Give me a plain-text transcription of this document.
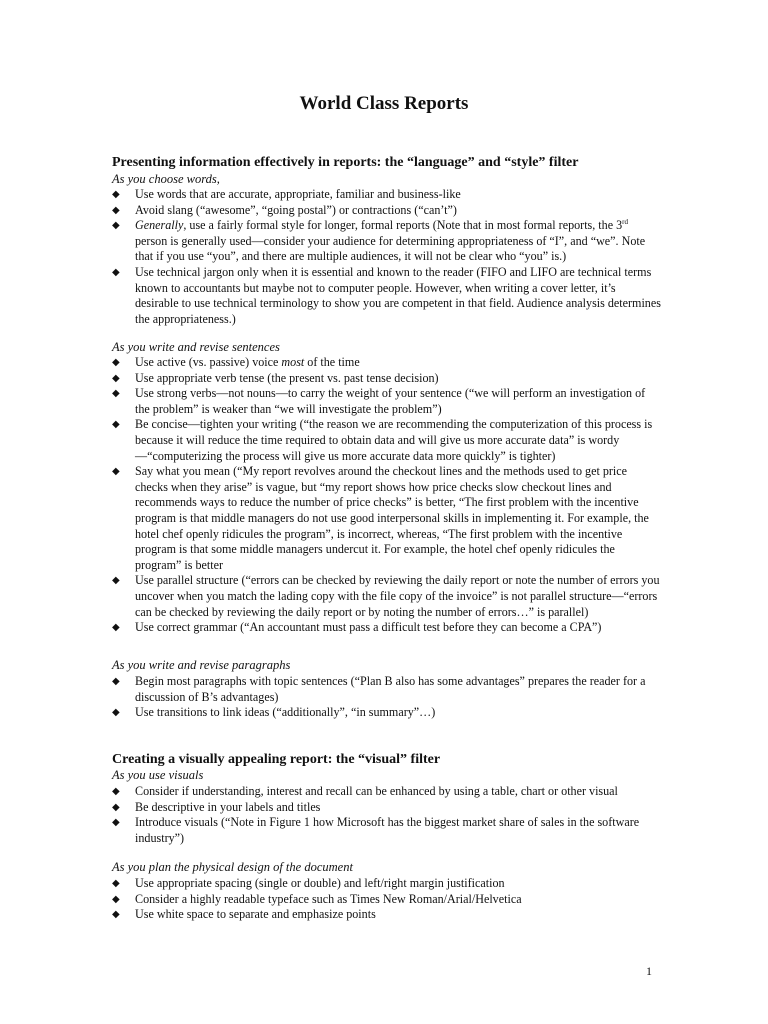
World Class Reports
Presenting information effectively in reports: the “language” and “style” filter

As you choose words,

◆ Use words that are accurate, appropriate, familiar and business-like
◆ Avoid slang (“awesome”, “going postal”) or contractions (“can’t”)
◆ Generally, use a fairly formal style for longer, formal reports (Note that in most formal reports, the 3rd person is generally used—consider your audience for determining appropriateness of “I”, and “we”. Note that if you use “you”, and there are multiple audiences, it will not be clear who “you” is.)
◆ Use technical jargon only when it is essential and known to the reader (FIFO and LIFO are technical terms known to accountants but maybe not to computer people. However, when writing a cover letter, it’s desirable to use technical terminology to show you are competent in that field. Audience analysis determines the appropriateness.)

As you write and revise sentences

◆ Use active (vs. passive) voice most of the time
◆ Use appropriate verb tense (the present vs. past tense decision)
◆ Use strong verbs—not nouns—to carry the weight of your sentence (“we will perform an investigation of the problem” is weaker than “we will investigate the problem”)
◆ Be concise—tighten your writing (“the reason we are recommending the computerization of this process is because it will reduce the time required to obtain data and will give us more accurate data” is wordy—“computerizing the process will give us more accurate data more quickly” is tighter)
◆ Say what you mean (“My report revolves around the checkout lines and the methods used to get price checks when they arise” is vague, but “my report shows how price checks slow checkout lines and recommends ways to reduce the number of price checks” is better, “The first problem with the incentive program is that middle managers do not use good interpersonal skills in implementing it. For example, the hotel chef openly ridicules the program”, is incorrect, whereas, “The first problem with the incentive program is that some middle managers undercut it. For example, the hotel chef openly ridicules the program” is better
◆ Use parallel structure (“errors can be checked by reviewing the daily report or note the number of errors you uncover when you match the lading copy with the file copy of the invoice” is not parallel structure—“errors can be checked by reviewing the daily report or by noting the number of errors…” is parallel)
◆ Use correct grammar (“An accountant must pass a difficult test before they can become a CPA”)

As you write and revise paragraphs

◆ Begin most paragraphs with topic sentences (“Plan B also has some advantages” prepares the reader for a discussion of B’s advantages)
◆ Use transitions to link ideas (“additionally”, “in summary”…)
Creating a visually appealing report: the “visual” filter

As you use visuals

◆ Consider if understanding, interest and recall can be enhanced by using a table, chart or other visual
◆ Be descriptive in your labels and titles
◆ Introduce visuals (“Note in Figure 1 how Microsoft has the biggest market share of sales in the software industry”)

As you plan the physical design of the document

◆ Use appropriate spacing (single or double) and left/right margin justification
◆ Consider a highly readable typeface such as Times New Roman/Arial/Helvetica
◆ Use white space to separate and emphasize points
1
